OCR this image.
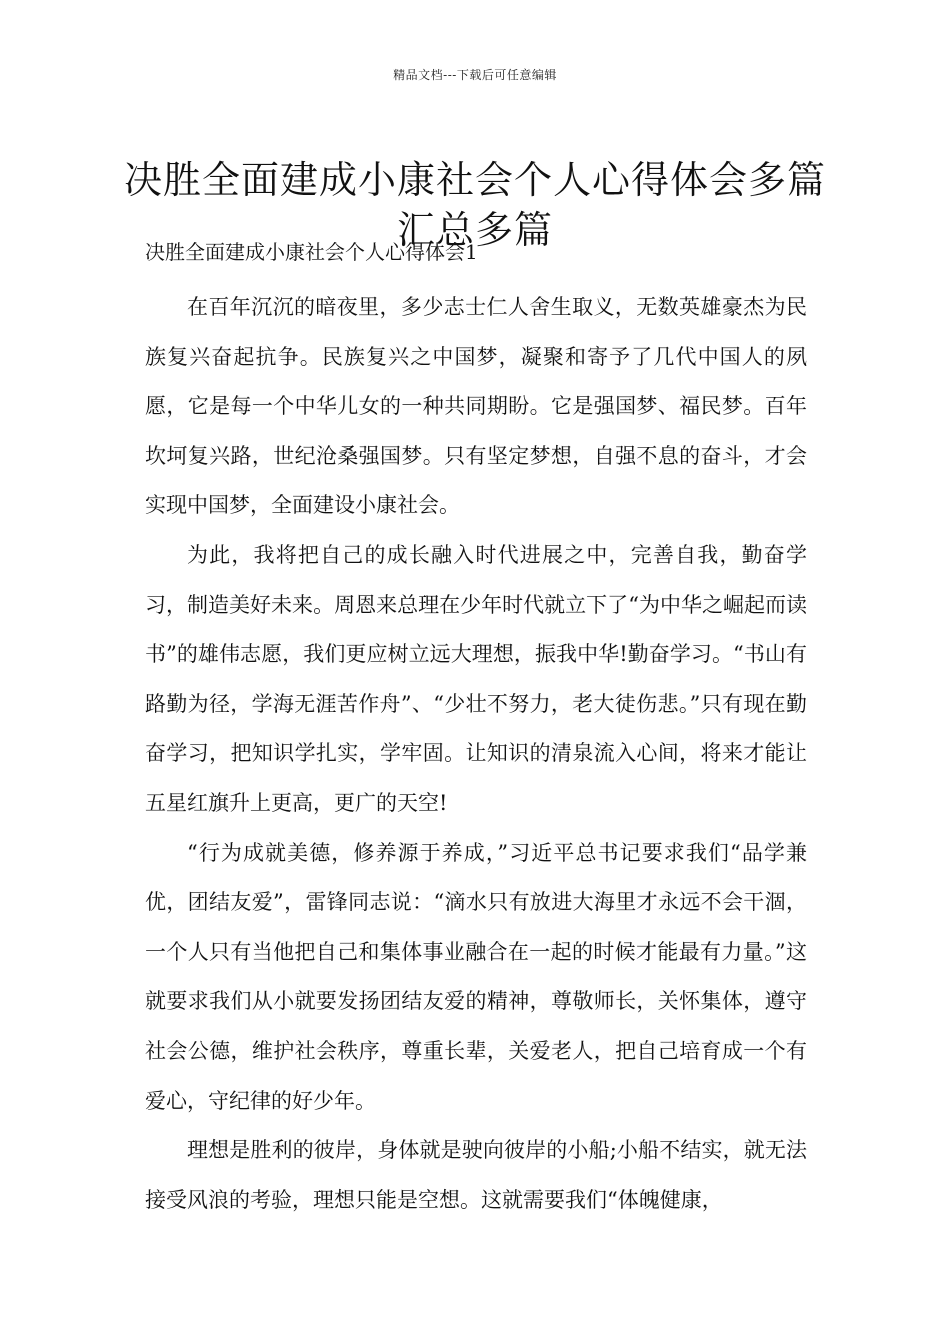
精品文档---下载后可任意编辑
决胜全面建成小康社会个人心得体会多篇汇总多篇
决胜全面建成小康社会个人心得体会1

在百年沉沉的暗夜里，多少志士仁人舍生取义，无数英雄豪杰为民族复兴奋起抗争。民族复兴之中国梦，凝聚和寄予了几代中国人的夙愿，它是每一个中华儿女的一种共同期盼。它是强国梦、福民梦。百年坎坷复兴路，世纪沧桑强国梦。只有坚定梦想，自强不息的奋斗，才会实现中国梦，全面建设小康社会。

为此，我将把自己的成长融入时代进展之中，完善自我，勤奋学习，制造美好未来。周恩来总理在少年时代就立下了“为中华之崛起而读书”的雄伟志愿，我们更应树立远大理想，振我中华!勤奋学习。“书山有路勤为径，学海无涯苦作舟”、“少壮不努力，老大徒伤悲。”只有现在勤奋学习，把知识学扎实，学牢固。让知识的清泉流入心间，将来才能让五星红旗升上更高，更广的天空!

“行为成就美德，修养源于养成，”习近平总书记要求我们“品学兼优，团结友爱”，雷锋同志说：“滴水只有放进大海里才永远不会干涸，一个人只有当他把自己和集体事业融合在一起的时候才能最有力量。”这就要求我们从小就要发扬团结友爱的精神，尊敬师长，关怀集体，遵守社会公德，维护社会秩序，尊重长辈，关爱老人，把自己培育成一个有爱心，守纪律的好少年。

理想是胜利的彼岸，身体就是驶向彼岸的小船;小船不结实，就无法接受风浪的考验，理想只能是空想。这就需要我们“体魄健康，
